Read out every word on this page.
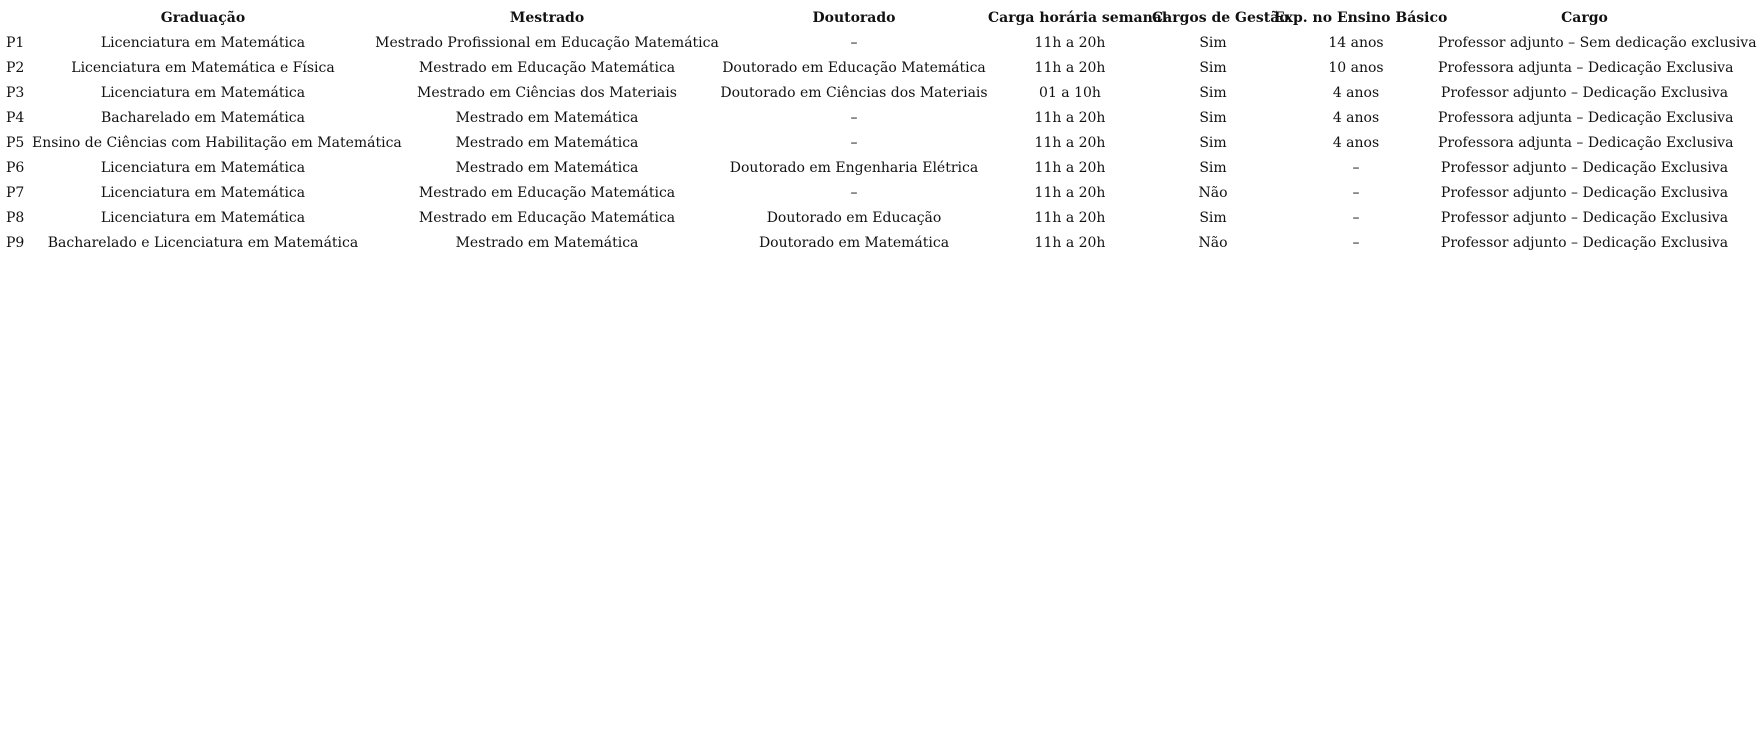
	Graduação	Mestrado	Doutorado	Carga horária semanal	Cargos de Gestão	Exp. no Ensino Básico	Cargo
P1	Licenciatura em Matemática	Mestrado Profissional em Educação Matemática	–	11h a 20h	Sim	14 anos	Professor adjunto – Sem dedicação exclusiva
P2	Licenciatura em Matemática e Física	Mestrado em Educação Matemática	Doutorado em Educação Matemática	11h a 20h	Sim	10 anos	Professora adjunta – Dedicação Exclusiva
P3	Licenciatura em Matemática	Mestrado em Ciências dos Materiais	Doutorado em Ciências dos Materiais	01 a 10h	Sim	4 anos	Professor adjunto – Dedicação Exclusiva
P4	Bacharelado em Matemática	Mestrado em Matemática	–	11h a 20h	Sim	4 anos	Professora adjunta – Dedicação Exclusiva
P5	Ensino de Ciências com Habilitação em Matemática	Mestrado em Matemática	–	11h a 20h	Sim	4 anos	Professora adjunta – Dedicação Exclusiva
P6	Licenciatura em Matemática	Mestrado em Matemática	Doutorado em Engenharia Elétrica	11h a 20h	Sim	–	Professor adjunto – Dedicação Exclusiva
P7	Licenciatura em Matemática	Mestrado em Educação Matemática	–	11h a 20h	Não	–	Professor adjunto – Dedicação Exclusiva
P8	Licenciatura em Matemática	Mestrado em Educação Matemática	Doutorado em Educação	11h a 20h	Sim	–	Professor adjunto – Dedicação Exclusiva
P9	Bacharelado e Licenciatura em Matemática	Mestrado em Matemática	Doutorado em Matemática	11h a 20h	Não	–	Professor adjunto – Dedicação Exclusiva
